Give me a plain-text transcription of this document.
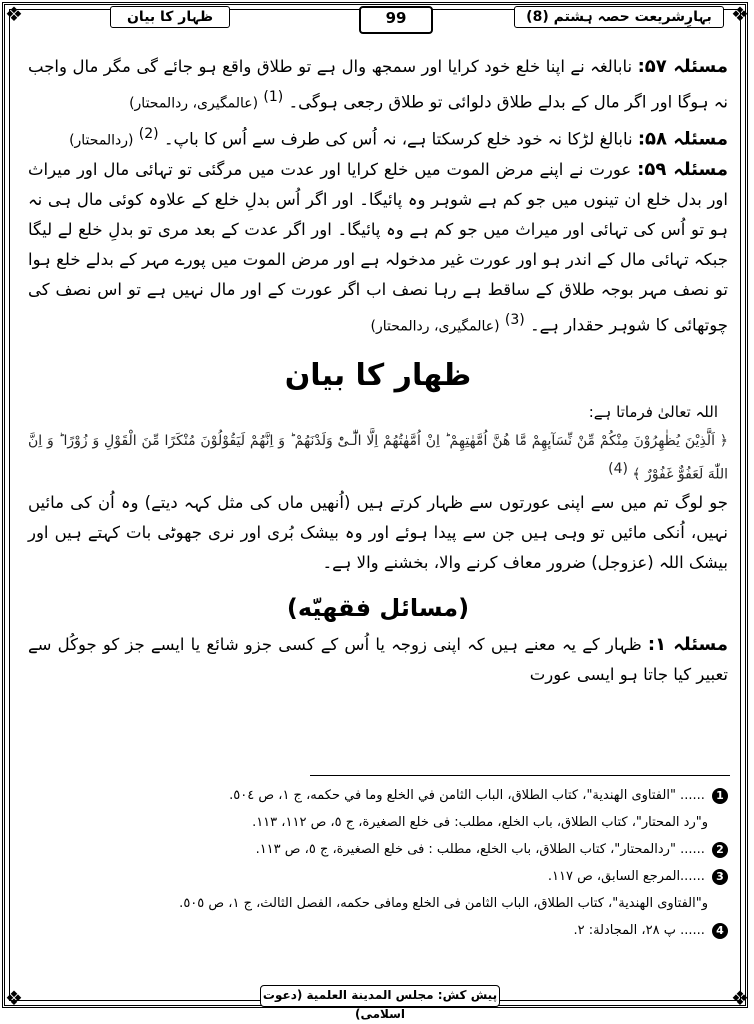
❖	❖
❖	❖
ظہار کا بیان	99	بہارِشریعت حصہ ہشتم (8)

مسئلہ ۵۷: نابالغہ نے اپنا خلع خود کرایا اور سمجھ وال ہے تو طلاق واقع ہو جائے گی مگر مال واجب نہ ہوگا اور اگر مال کے بدلے طلاق دلوائی تو طلاق رجعی ہوگی۔ $^{(1)}$ (عالمگیری، ردالمحتار)

مسئلہ ۵۸: نابالغ لڑکا نہ خود خلع کرسکتا ہے، نہ اُس کی طرف سے اُس کا باپ۔ $^{(2)}$ (ردالمحتار)

مسئلہ ۵۹: عورت نے اپنے مرض الموت میں خلع کرایا اور عدت میں مرگئی تو تہائی مال اور میراث اور بدل خلع ان تینوں میں جو کم ہے شوہر وہ پائیگا۔ اور اگر اُس بدلِ خلع کے علاوہ کوئی مال ہی نہ ہو تو اُس کی تہائی اور میراث میں جو کم ہے وہ پائیگا۔ اور اگر عدت کے بعد مری تو بدلِ خلع لے لیگا جبکہ تہائی مال کے اندر ہو اور عورت غیر مدخولہ ہے اور مرض الموت میں پورے مہر کے بدلے خلع ہوا تو نصف مہر بوجہ طلاق کے ساقط ہے رہا نصف اب اگر عورت کے اور مال نہیں ہے تو اس نصف کی چوتھائی کا شوہر حقدار ہے۔ $^{(3)}$ (عالمگیری، ردالمحتار)

ظهار کا بیان

اللہ تعالیٰ فرماتا ہے:

﴿ اَلَّذِیْنَ یُظٰهِرُوْنَ مِنْكُمْ مِّنْ نِّسَآىٕهِمْ مَّا هُنَّ اُمَّهٰتِهِمْ ؕ اِنْ اُمَّهٰتُهُمْ اِلَّا الّٰٓـىْٔ وَلَدْنَهُمْ ؕ وَ اِنَّهُمْ لَیَقُوْلُوْنَ مُنْكَرًا مِّنَ الْقَوْلِ وَ زُوْرًا ؕ وَ اِنَّ اللّٰهَ لَعَفُوٌّ غَفُوْرٌ ﴾ $^{(4)}$

جو لوگ تم میں سے اپنی عورتوں سے ظہار کرتے ہیں (اُنھیں ماں کی مثل کہہ دیتے) وہ اُن کی مائیں نہیں، اُنکی مائیں تو وہی ہیں جن سے پیدا ہوئے اور وہ بیشک بُری اور نری جھوٹی بات کہتے ہیں اور بیشک اللہ (عزوجل) ضرور معاف کرنے والا، بخشنے والا ہے۔

(مسائل فقهیّه)

مسئلہ ۱: ظہار کے یہ معنے ہیں کہ اپنی زوجہ یا اُس کے کسی جزو شائع یا ایسے جز کو جوکُل سے تعبیر کیا جاتا ہو ایسی عورت

1 ...... "الفتاوی الهندية"، کتاب الطلاق، الباب الثامن في الخلع وما في حكمه، ج ١، ص ٥٠٤.

و"رد المحتار"، کتاب الطلاق، باب الخلع، مطلب: فی خلع الصغيرة، ج ٥، ص ١١٢، ١١٣.

2 ...... "ردالمحتار"، کتاب الطلاق، باب الخلع، مطلب : فی خلع الصغيرة، ج ٥، ص ١١٣.

3 ......المرجع السابق، ص ١١٧.

و"الفتاوی الهندية"، کتاب الطلاق، الباب الثامن فی الخلع ومافی حكمه، الفصل الثالث، ج ١، ص ٥٠٥.

4 ...... پ ٢٨، المجادلة: ٢.

پیش کش: مجلس المدینة العلمیة (دعوت اسلامی)
